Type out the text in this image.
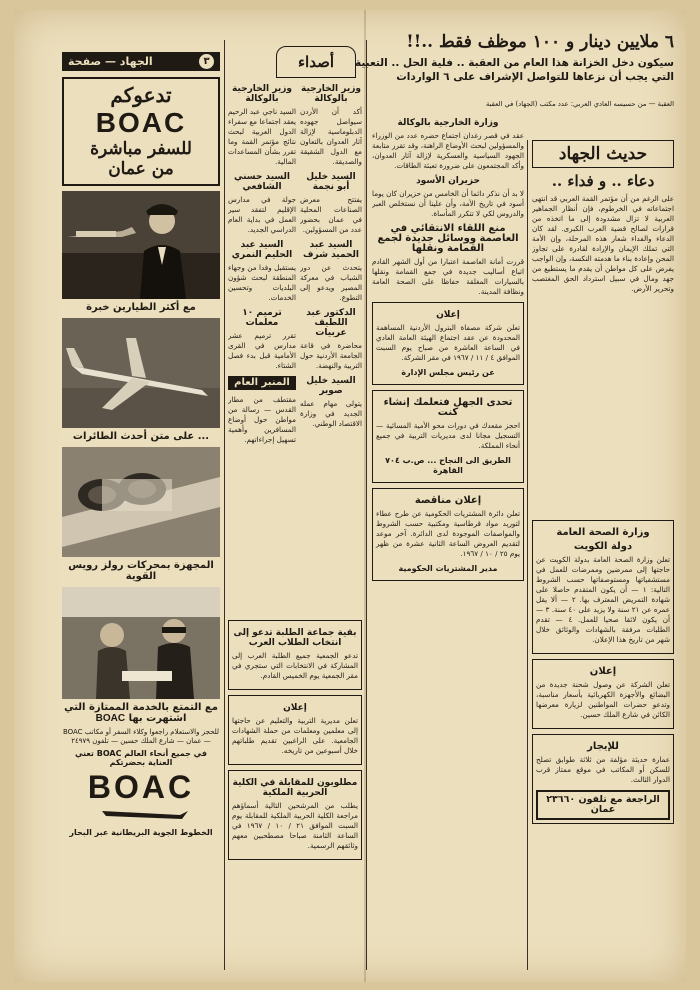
٣
الجهاد — صفحة
تدعوكم
BOAC
للسفر مباشرة
من عمان
مع أكثر الطيارين خبرة
... على متن أحدث الطائرات
المجهزة بمحركات رولز رويس القوية
مع التمتع بالخدمة الممتازة التي اشتهرت بها BOAC
للحجز والاستعلام راجعوا وكلاء السفر أو مكاتب BOAC — عمان — شارع الملك حسين — تلفون ٢٤٩٧٩
في جميع أنحاء العالم BOAC تعني العناية بحضرتكم
BOAC
الخطوط الجوية البريطانية عبر البحار
وزير الخارجية بالوكالة

السيد ناجي عبد الرحيم يعقد اجتماعا مع سفراء الدول العربية لبحث نتائج مؤتمر القمة وما تقرر بشأن المساعدات المالية.

السيد حسني الشافعي

جولة في مدارس الإقليم لتفقد سير العمل في بداية العام الدراسي الجديد.

السيد عبد الحليم النمري

يستقبل وفدا من وجهاء المنطقة لبحث شؤون البلديات وتحسين الخدمات.

ترميم ١٠ معلمات

تقرر ترميم عشر مدارس في القرى الأمامية قبل بدء فصل الشتاء.

المنبر العام

مقتطف من مطار القدس — رسالة من مواطن حول أوضاع المسافرين وأهمية تسهيل إجراءاتهم.

وزير الخارجية بالوكالة

أكد أن الأردن سيواصل جهوده الدبلوماسية لإزالة آثار العدوان بالتعاون مع الدول الشقيقة والصديقة.

السيد خليل أبو نجمة

يفتتح معرض الصناعات المحلية في عمان بحضور عدد من المسؤولين.

السيد عبد الحميد شرف

يتحدث عن دور الشباب في معركة المصير ويدعو إلى التطوع.

الدكتور عبد اللطيف عربيات

محاضرة في قاعة الجامعة الأردنية حول التربية والنهضة.

السيد خليل صوير

يتولى مهام عمله الجديد في وزارة الاقتصاد الوطني.

أصداء
بقية جماعة الطلبة تدعو إلى انتخاب الطلاب العرب

تدعو الجمعية جميع الطلبة العرب إلى المشاركة في الانتخابات التي ستجري في مقر الجمعية يوم الخميس القادم.

إعلان

تعلن مديرية التربية والتعليم عن حاجتها إلى معلمين ومعلمات من حملة الشهادات الجامعية. على الراغبين تقديم طلباتهم خلال أسبوعين من تاريخه.

مطلوبون للمقابلة في الكلية الحربية الملكية

يطلب من المرشحين التالية أسماؤهم مراجعة الكلية الحربية الملكية للمقابلة يوم السبت الموافق ٢١ / ١٠ / ١٩٦٧ في الساعة الثامنة صباحا مصطحبين معهم وثائقهم الرسمية.

٦ ملايين دينار و ١٠٠ موظف فقط ..!!
سيكون دخل الخزانة هذا العام من العقبة .. فلية الحل .. التعبية التي يجب أن نزعاها للتواصل الإشراف على ٦ الواردات
العقبة — من حسيسه العادي العربي: عدد مكتب (الجهاد) في العقبة
وزارة الخارجية بالوكالة

عقد في قصر رغدان اجتماع حضره عدد من الوزراء والمسؤولين لبحث الأوضاع الراهنة، وقد تقرر متابعة الجهود السياسية والعسكرية لإزالة آثار العدوان، وأكد المجتمعون على ضرورة تعبئة الطاقات.

حزيران الأسود

لا بد أن نذكر دائما أن الخامس من حزيران كان يوما أسود في تاريخ الأمة، وأن علينا أن نستخلص العبر والدروس لكي لا تتكرر المأساة.

منع اللقاء الانتقائي في العاصمة ووسائل جديدة لجمع القمامة ونقلها

قررت أمانة العاصمة اعتبارا من أول الشهر القادم اتباع أساليب جديدة في جمع القمامة ونقلها بالسيارات المغلقة حفاظا على الصحة العامة ونظافة المدينة.

إعلان

تعلن شركة مصفاة البترول الأردنية المساهمة المحدودة عن عقد اجتماع الهيئة العامة العادي في الساعة العاشرة من صباح يوم السبت الموافق ٤ / ١١ / ١٩٦٧ في مقر الشركة.

عن رئيس مجلس الإدارة
تحدى الجهل فتعلمك إنشاء كنت

احجز مقعدك في دورات محو الأمية المسائية — التسجيل مجانا لدى مديريات التربية في جميع أنحاء المملكة.

الطريق الى النجاح ... ص.ب ٧٠٤ القاهرة
إعلان مناقصة

تعلن دائرة المشتريات الحكومية عن طرح عطاء لتوريد مواد قرطاسية ومكتبية حسب الشروط والمواصفات الموجودة لدى الدائرة. آخر موعد لتقديم العروض الساعة الثانية عشرة من ظهر يوم ٢٥ / ١٠ / ١٩٦٧.

مدير المشتريات الحكومية
حديث الجهاد
دعاء .. و فداء ..
على الرغم من أن مؤتمر القمة العربي قد انتهى اجتماعاته في الخرطوم، فإن أنظار الجماهير العربية لا تزال مشدودة إلى ما اتخذه من قرارات لصالح قضية العرب الكبرى. لقد كان الدعاء والفداء شعار هذه المرحلة، وإن الأمة التي تملك الإيمان والإرادة لقادرة على تجاوز المحن وإعادة بناء ما هدمته النكسة، وإن الواجب يفرض على كل مواطن أن يقدم ما يستطيع من جهد ومال في سبيل استرداد الحق المغتصب وتحرير الأرض.
وزارة الصحة العامة
دولة الكويت

تعلن وزارة الصحة العامة بدولة الكويت عن حاجتها إلى ممرضين وممرضات للعمل في مستشفياتها ومستوصفاتها حسب الشروط التالية: ١ — أن يكون المتقدم حاصلا على شهادة التمريض المعترف بها. ٢ — ألا يقل عمره عن ٢١ سنة ولا يزيد على ٤٠ سنة. ٣ — أن يكون لائقا صحيا للعمل. ٤ — تقدم الطلبات مرفقة بالشهادات والوثائق خلال شهر من تاريخ هذا الإعلان.

إعلان

تعلن الشركة عن وصول شحنة جديدة من البضائع والأجهزة الكهربائية بأسعار مناسبة، وتدعو حضرات المواطنين لزيارة معرضها الكائن في شارع الملك حسين.

للإيجار

عمارة حديثة مؤلفة من ثلاثة طوابق تصلح للسكن أو المكاتب في موقع ممتاز قرب الدوار الثالث.

الراجعة مع تلفون ٢٣٦٦٠ عمان
